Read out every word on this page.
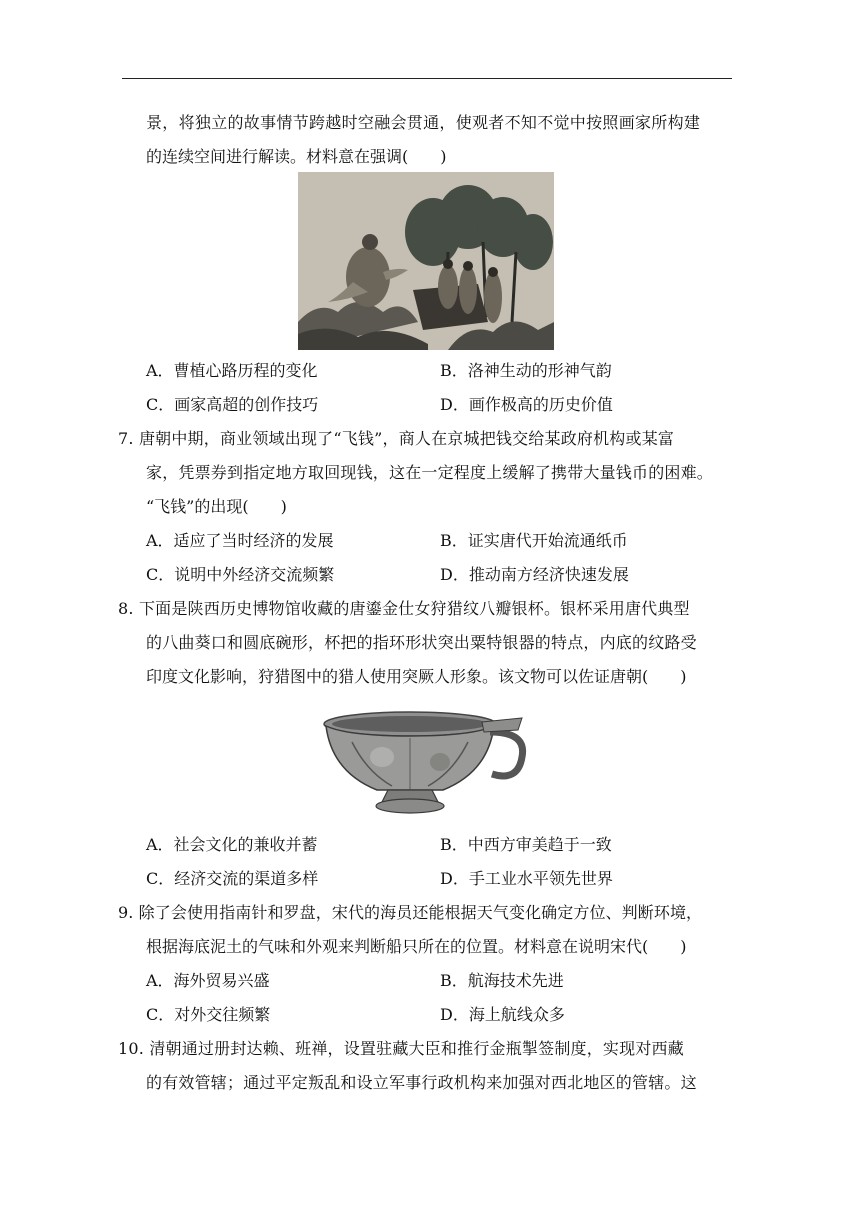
景，将独立的故事情节跨越时空融会贯通，使观者不知不觉中按照画家所构建
的连续空间进行解读。材料意在强调(　　)
A．曹植心路历程的变化	B．洛神生动的形神气韵
C．画家高超的创作技巧	D．画作极高的历史价值
7. 唐朝中期，商业领域出现了“飞钱”，商人在京城把钱交给某政府机构或某富
家，凭票券到指定地方取回现钱，这在一定程度上缓解了携带大量钱币的困难。
“飞钱”的出现(　　)
A．适应了当时经济的发展	B．证实唐代开始流通纸币
C．说明中外经济交流频繁	D．推动南方经济快速发展
8. 下面是陕西历史博物馆收藏的唐鎏金仕女狩猎纹八瓣银杯。银杯采用唐代典型
的八曲葵口和圆底碗形，杯把的指环形状突出粟特银器的特点，内底的纹路受
印度文化影响，狩猎图中的猎人使用突厥人形象。该文物可以佐证唐朝(　　)
A．社会文化的兼收并蓄	B．中西方审美趋于一致
C．经济交流的渠道多样	D．手工业水平领先世界
9. 除了会使用指南针和罗盘，宋代的海员还能根据天气变化确定方位、判断环境，
根据海底泥土的气味和外观来判断船只所在的位置。材料意在说明宋代(　　)
A．海外贸易兴盛	B．航海技术先进
C．对外交往频繁	D．海上航线众多
10. 清朝通过册封达赖、班禅，设置驻藏大臣和推行金瓶掣签制度，实现对西藏
的有效管辖；通过平定叛乱和设立军事行政机构来加强对西北地区的管辖。这
